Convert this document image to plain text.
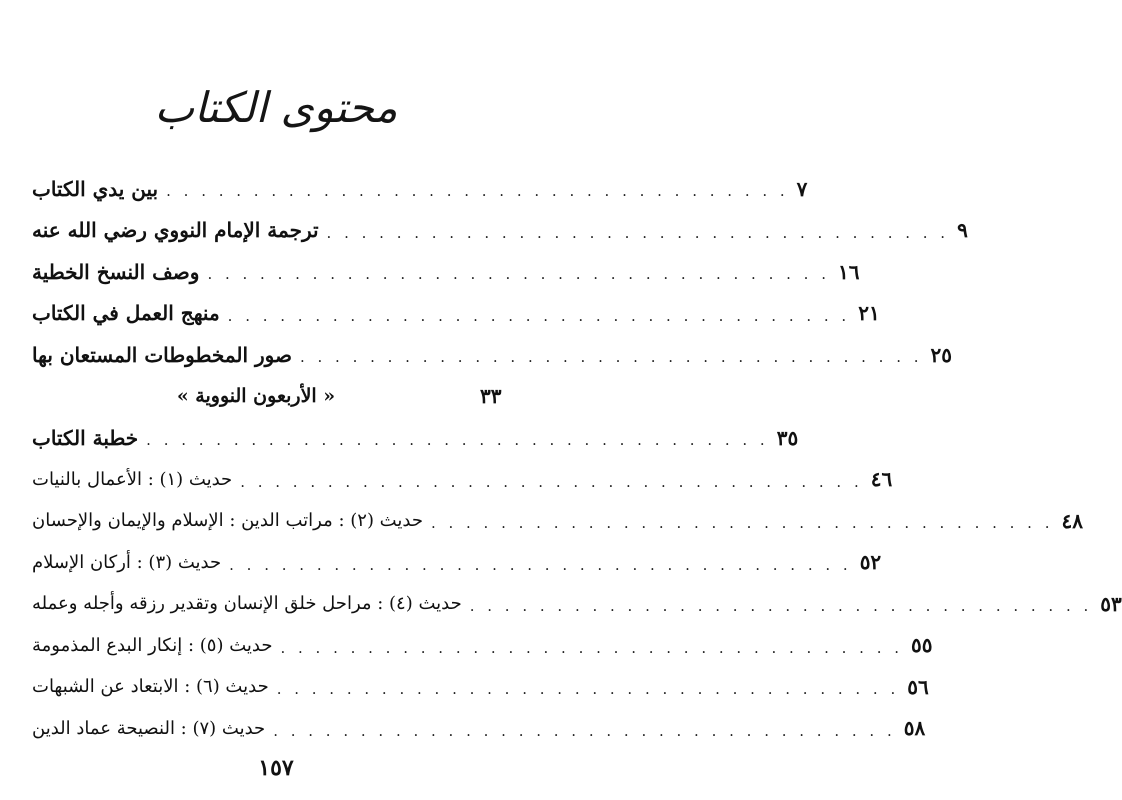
محتوى الكتاب
بين يدي الكتاب . . . . . . . . . . . . . . . . . . . . . . . . . . . . . . . . . . . . ٧
ترجمة الإمام النووي رضي الله عنه . . . . . . . . . . . . . . . . . . . . . . . . . . . . . . . . . . . . ٩
وصف النسخ الخطية . . . . . . . . . . . . . . . . . . . . . . . . . . . . . . . . . . . . ١٦
منهج العمل في الكتاب . . . . . . . . . . . . . . . . . . . . . . . . . . . . . . . . . . . . ٢١
صور المخطوطات المستعان بها . . . . . . . . . . . . . . . . . . . . . . . . . . . . . . . . . . . . ٢٥
« الأربعون النووية »	٣٣
خطبة الكتاب . . . . . . . . . . . . . . . . . . . . . . . . . . . . . . . . . . . . ٣٥
حديث (١) : الأعمال بالنيات . . . . . . . . . . . . . . . . . . . . . . . . . . . . . . . . . . . . ٤٦
حديث (٢) : مراتب الدين : الإسلام والإيمان والإحسان . . . . . . . . . . . . . . . . . . . . . . . . . . . . . . . . . . . . ٤٨
حديث (٣) : أركان الإسلام . . . . . . . . . . . . . . . . . . . . . . . . . . . . . . . . . . . . ٥٢
حديث (٤) : مراحل خلق الإنسان وتقدير رزقه وأجله وعمله . . . . . . . . . . . . . . . . . . . . . . . . . . . . . . . . . . . . ٥٣
حديث (٥) : إنكار البدع المذمومة . . . . . . . . . . . . . . . . . . . . . . . . . . . . . . . . . . . . ٥٥
حديث (٦) : الابتعاد عن الشبهات . . . . . . . . . . . . . . . . . . . . . . . . . . . . . . . . . . . . ٥٦
حديث (٧) : النصيحة عماد الدين . . . . . . . . . . . . . . . . . . . . . . . . . . . . . . . . . . . . ٥٨
١٥٧
